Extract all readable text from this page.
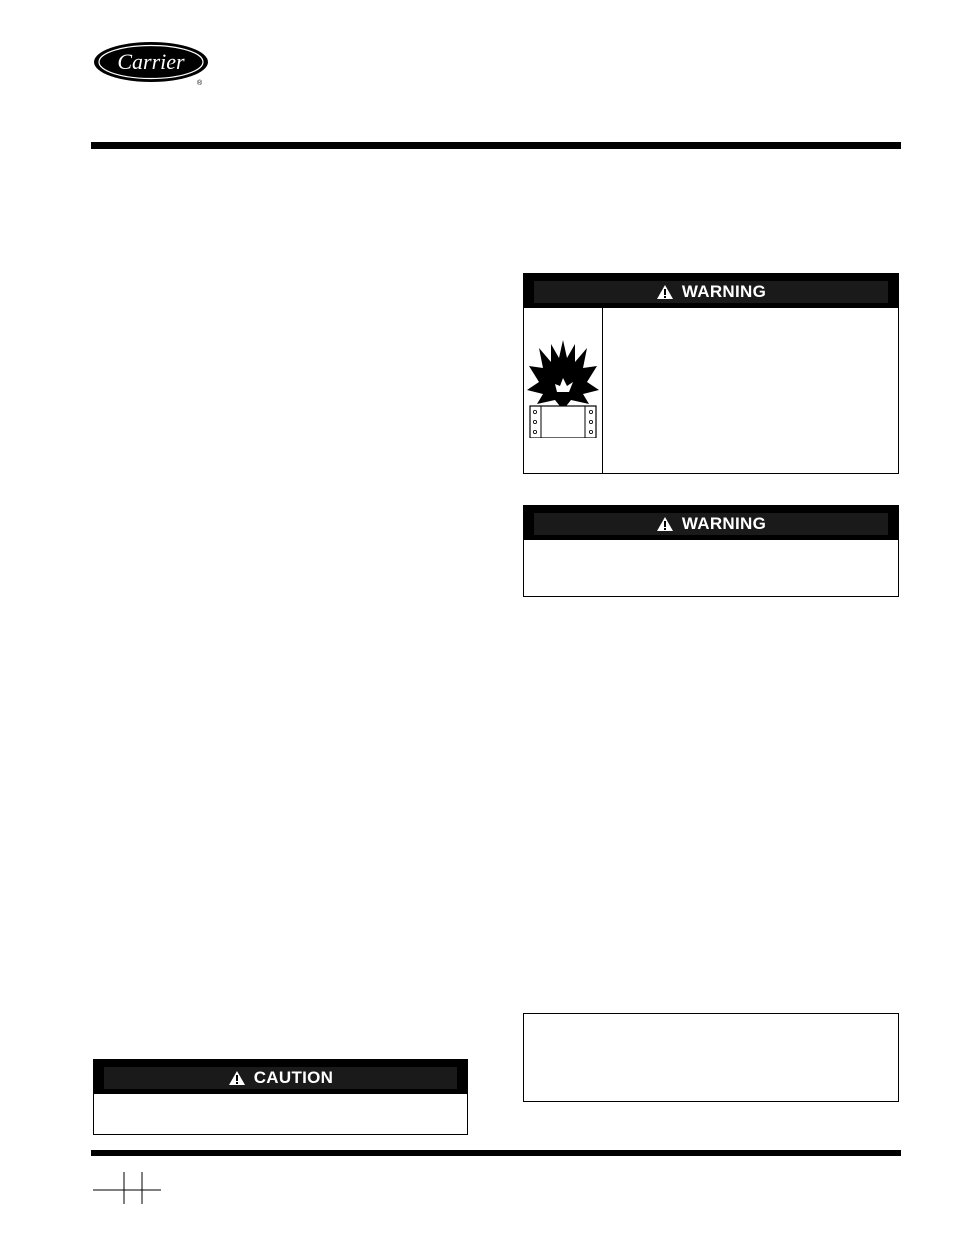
Carrier
®
WARNING
WARNING
CAUTION
